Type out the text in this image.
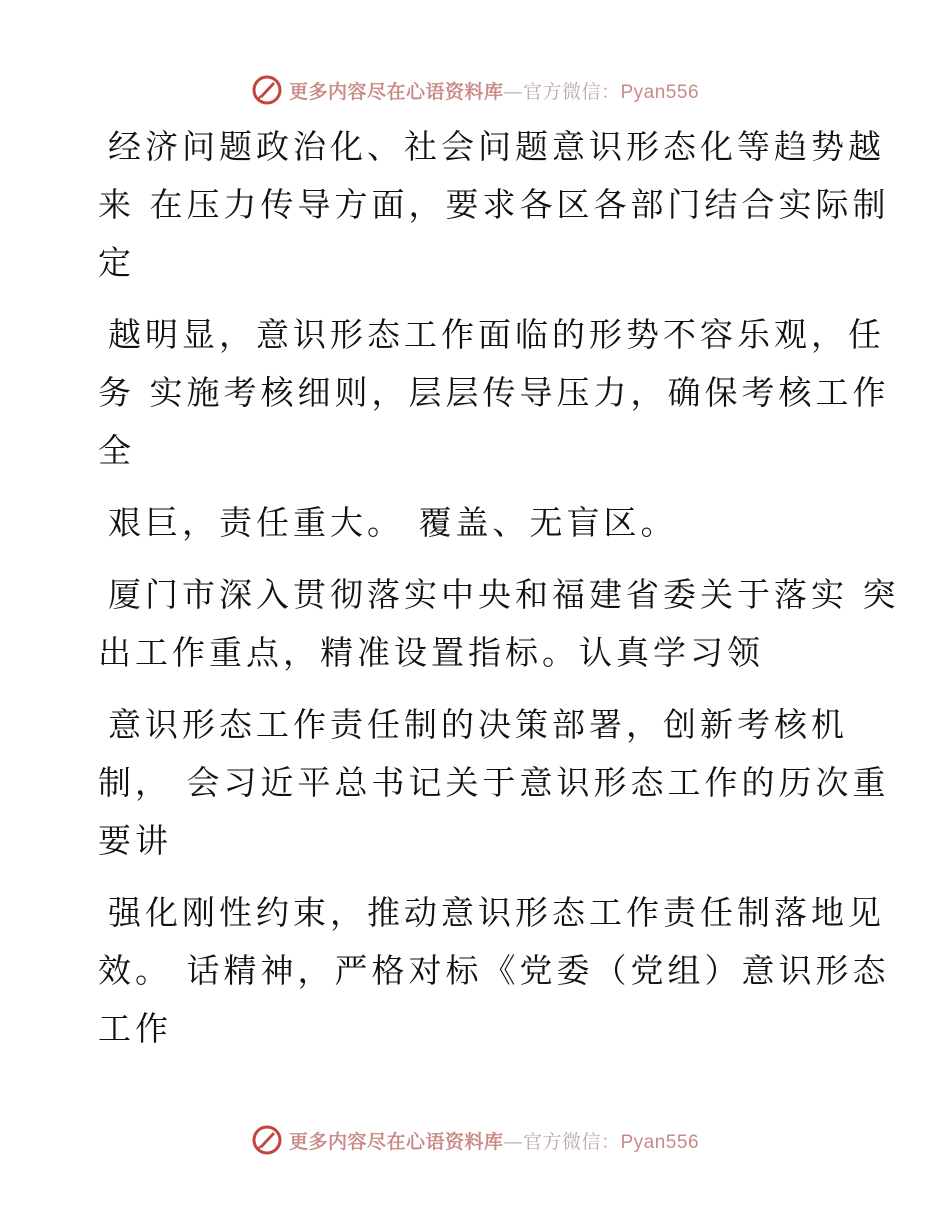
更多内容尽在心语资料库—官方微信：Pyan556
经济问题政治化、社会问题意识形态化等趋势越
来 在压力传导方面，要求各区各部门结合实际制
定
越明显，意识形态工作面临的形势不容乐观，任
务 实施考核细则，层层传导压力，确保考核工作
全
艰巨，责任重大。 覆盖、无盲区。
厦门市深入贯彻落实中央和福建省委关于落实 突
出工作重点，精准设置指标。认真学习领
意识形态工作责任制的决策部署，创新考核机
制， 会习近平总书记关于意识形态工作的历次重
要讲
强化刚性约束，推动意识形态工作责任制落地见
效。 话精神，严格对标《党委（党组）意识形态
工作
更多内容尽在心语资料库—官方微信：Pyan556
